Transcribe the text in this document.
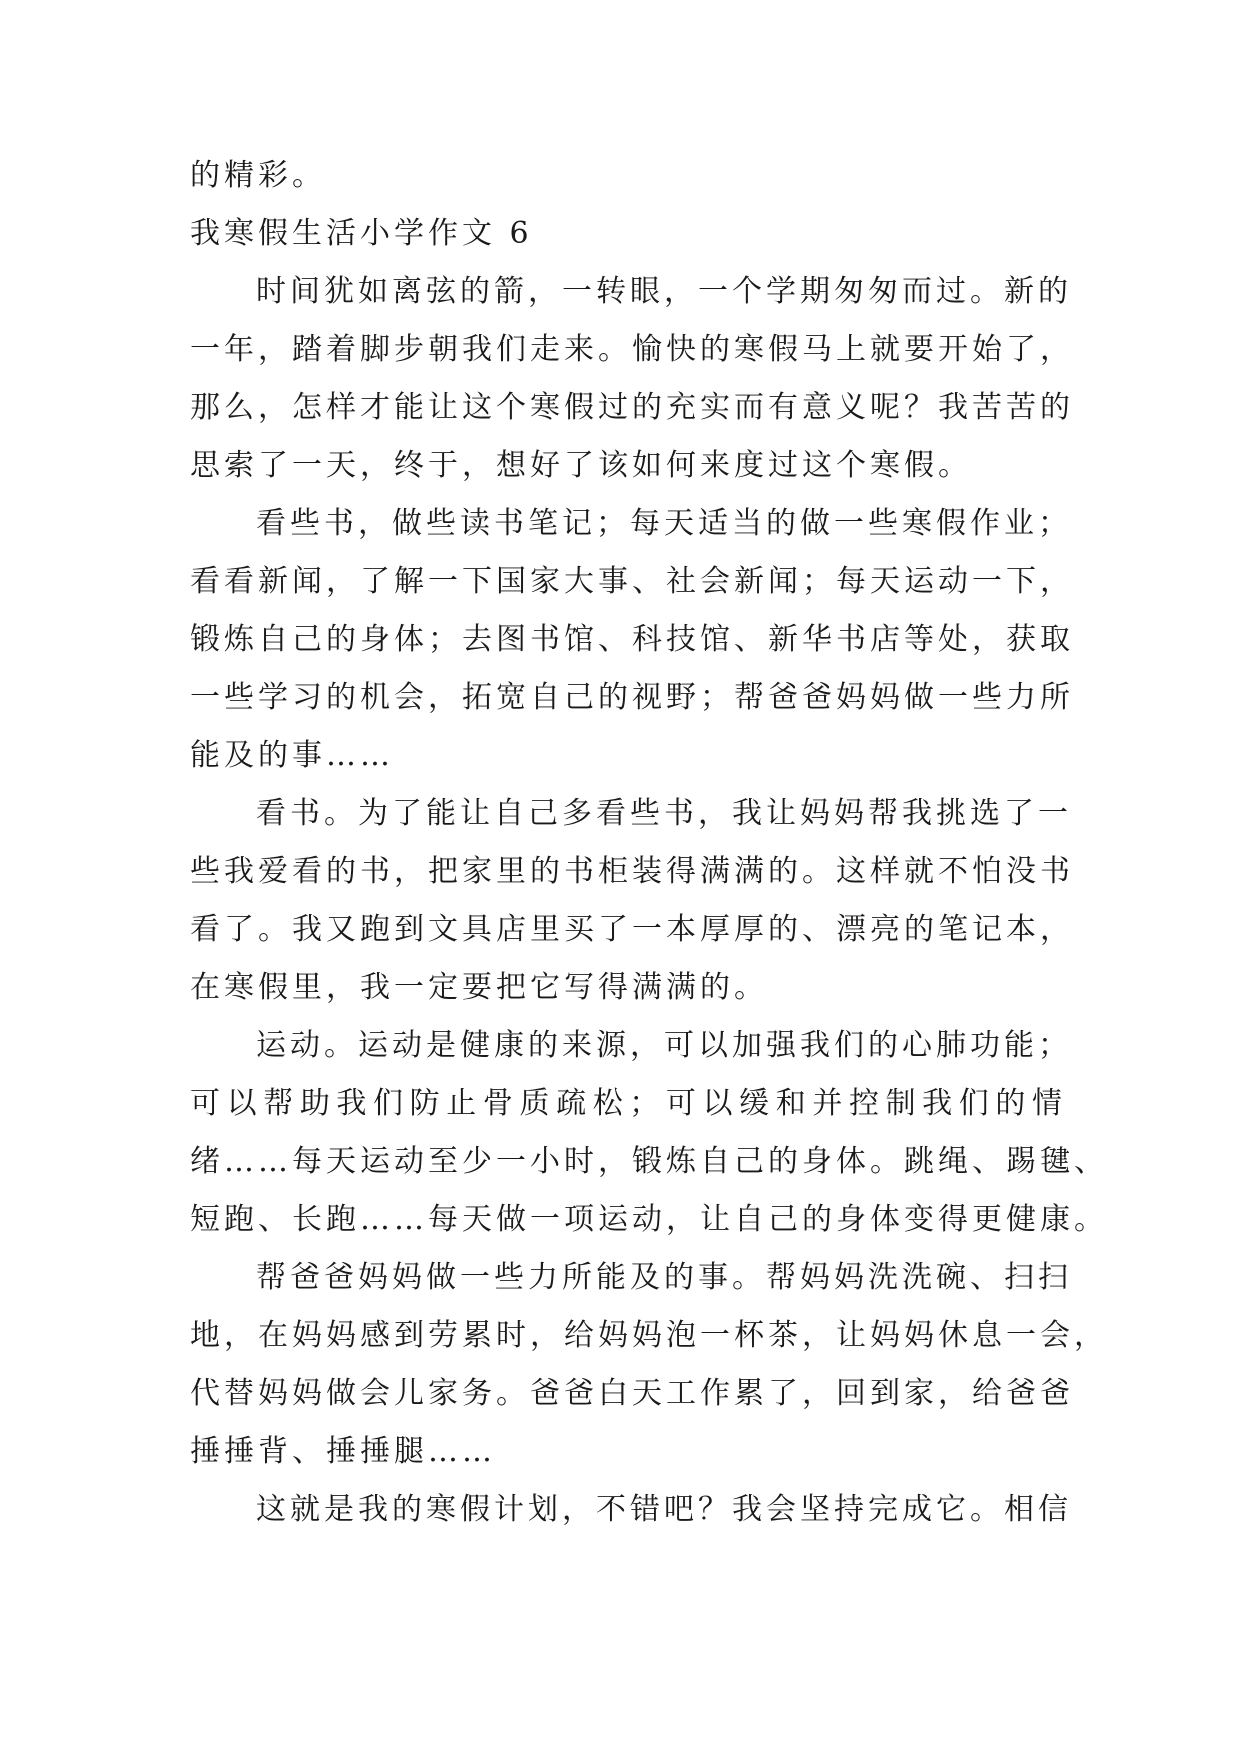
的精彩。
我寒假生活小学作文 6
时间犹如离弦的箭，一转眼，一个学期匆匆而过。新的
一年，踏着脚步朝我们走来。愉快的寒假马上就要开始了，
那么，怎样才能让这个寒假过的充实而有意义呢？我苦苦的
思索了一天，终于，想好了该如何来度过这个寒假。
看些书，做些读书笔记；每天适当的做一些寒假作业；
看看新闻，了解一下国家大事、社会新闻；每天运动一下，
锻炼自己的身体；去图书馆、科技馆、新华书店等处，获取
一些学习的机会，拓宽自己的视野；帮爸爸妈妈做一些力所
能及的事……
看书。为了能让自己多看些书，我让妈妈帮我挑选了一
些我爱看的书，把家里的书柜装得满满的。这样就不怕没书
看了。我又跑到文具店里买了一本厚厚的、漂亮的笔记本，
在寒假里，我一定要把它写得满满的。
运动。运动是健康的来源，可以加强我们的心肺功能；
可以帮助我们防止骨质疏松；可以缓和并控制我们的情
绪……每天运动至少一小时，锻炼自己的身体。跳绳、踢毽、
短跑、长跑……每天做一项运动，让自己的身体变得更健康。
帮爸爸妈妈做一些力所能及的事。帮妈妈洗洗碗、扫扫
地，在妈妈感到劳累时，给妈妈泡一杯茶，让妈妈休息一会，
代替妈妈做会儿家务。爸爸白天工作累了，回到家，给爸爸
捶捶背、捶捶腿……
这就是我的寒假计划，不错吧？我会坚持完成它。相信
